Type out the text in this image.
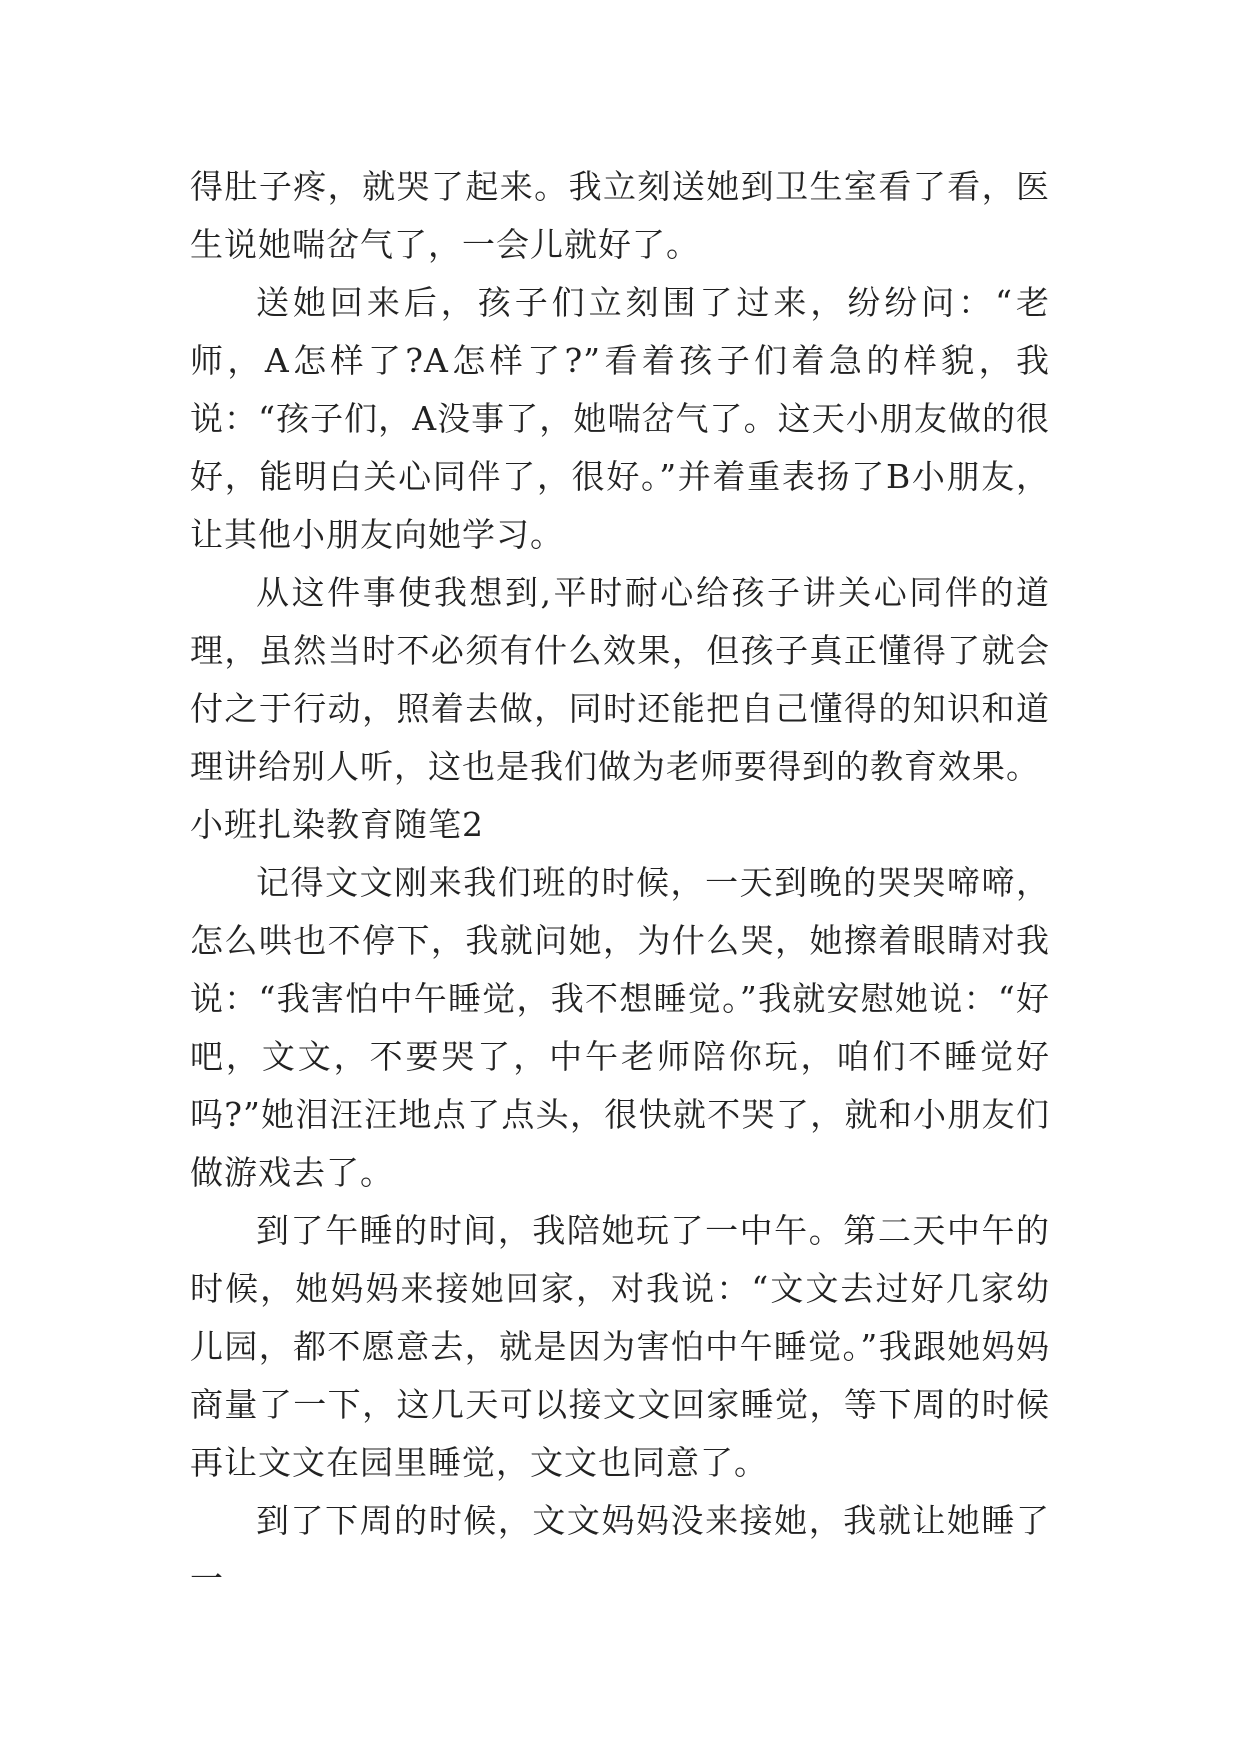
得肚子疼，就哭了起来。我立刻送她到卫生室看了看，医生说她喘岔气了，一会儿就好了。

送她回来后，孩子们立刻围了过来，纷纷问：“老师，A怎样了?A怎样了?”看着孩子们着急的样貌，我说：“孩子们，A没事了，她喘岔气了。这天小朋友做的很好，能明白关心同伴了，很好。”并着重表扬了B小朋友，让其他小朋友向她学习。

从这件事使我想到,平时耐心给孩子讲关心同伴的道理，虽然当时不必须有什么效果，但孩子真正懂得了就会付之于行动，照着去做，同时还能把自己懂得的知识和道理讲给别人听，这也是我们做为老师要得到的教育效果。

小班扎染教育随笔2

记得文文刚来我们班的时候，一天到晚的哭哭啼啼，怎么哄也不停下，我就问她，为什么哭，她擦着眼睛对我说：“我害怕中午睡觉，我不想睡觉。”我就安慰她说：“好吧，文文，不要哭了，中午老师陪你玩，咱们不睡觉好吗?”她泪汪汪地点了点头，很快就不哭了，就和小朋友们做游戏去了。

到了午睡的时间，我陪她玩了一中午。第二天中午的时候，她妈妈来接她回家，对我说：“文文去过好几家幼儿园，都不愿意去，就是因为害怕中午睡觉。”我跟她妈妈商量了一下，这几天可以接文文回家睡觉，等下周的时候再让文文在园里睡觉，文文也同意了。

到了下周的时候，文文妈妈没来接她，我就让她睡了一
